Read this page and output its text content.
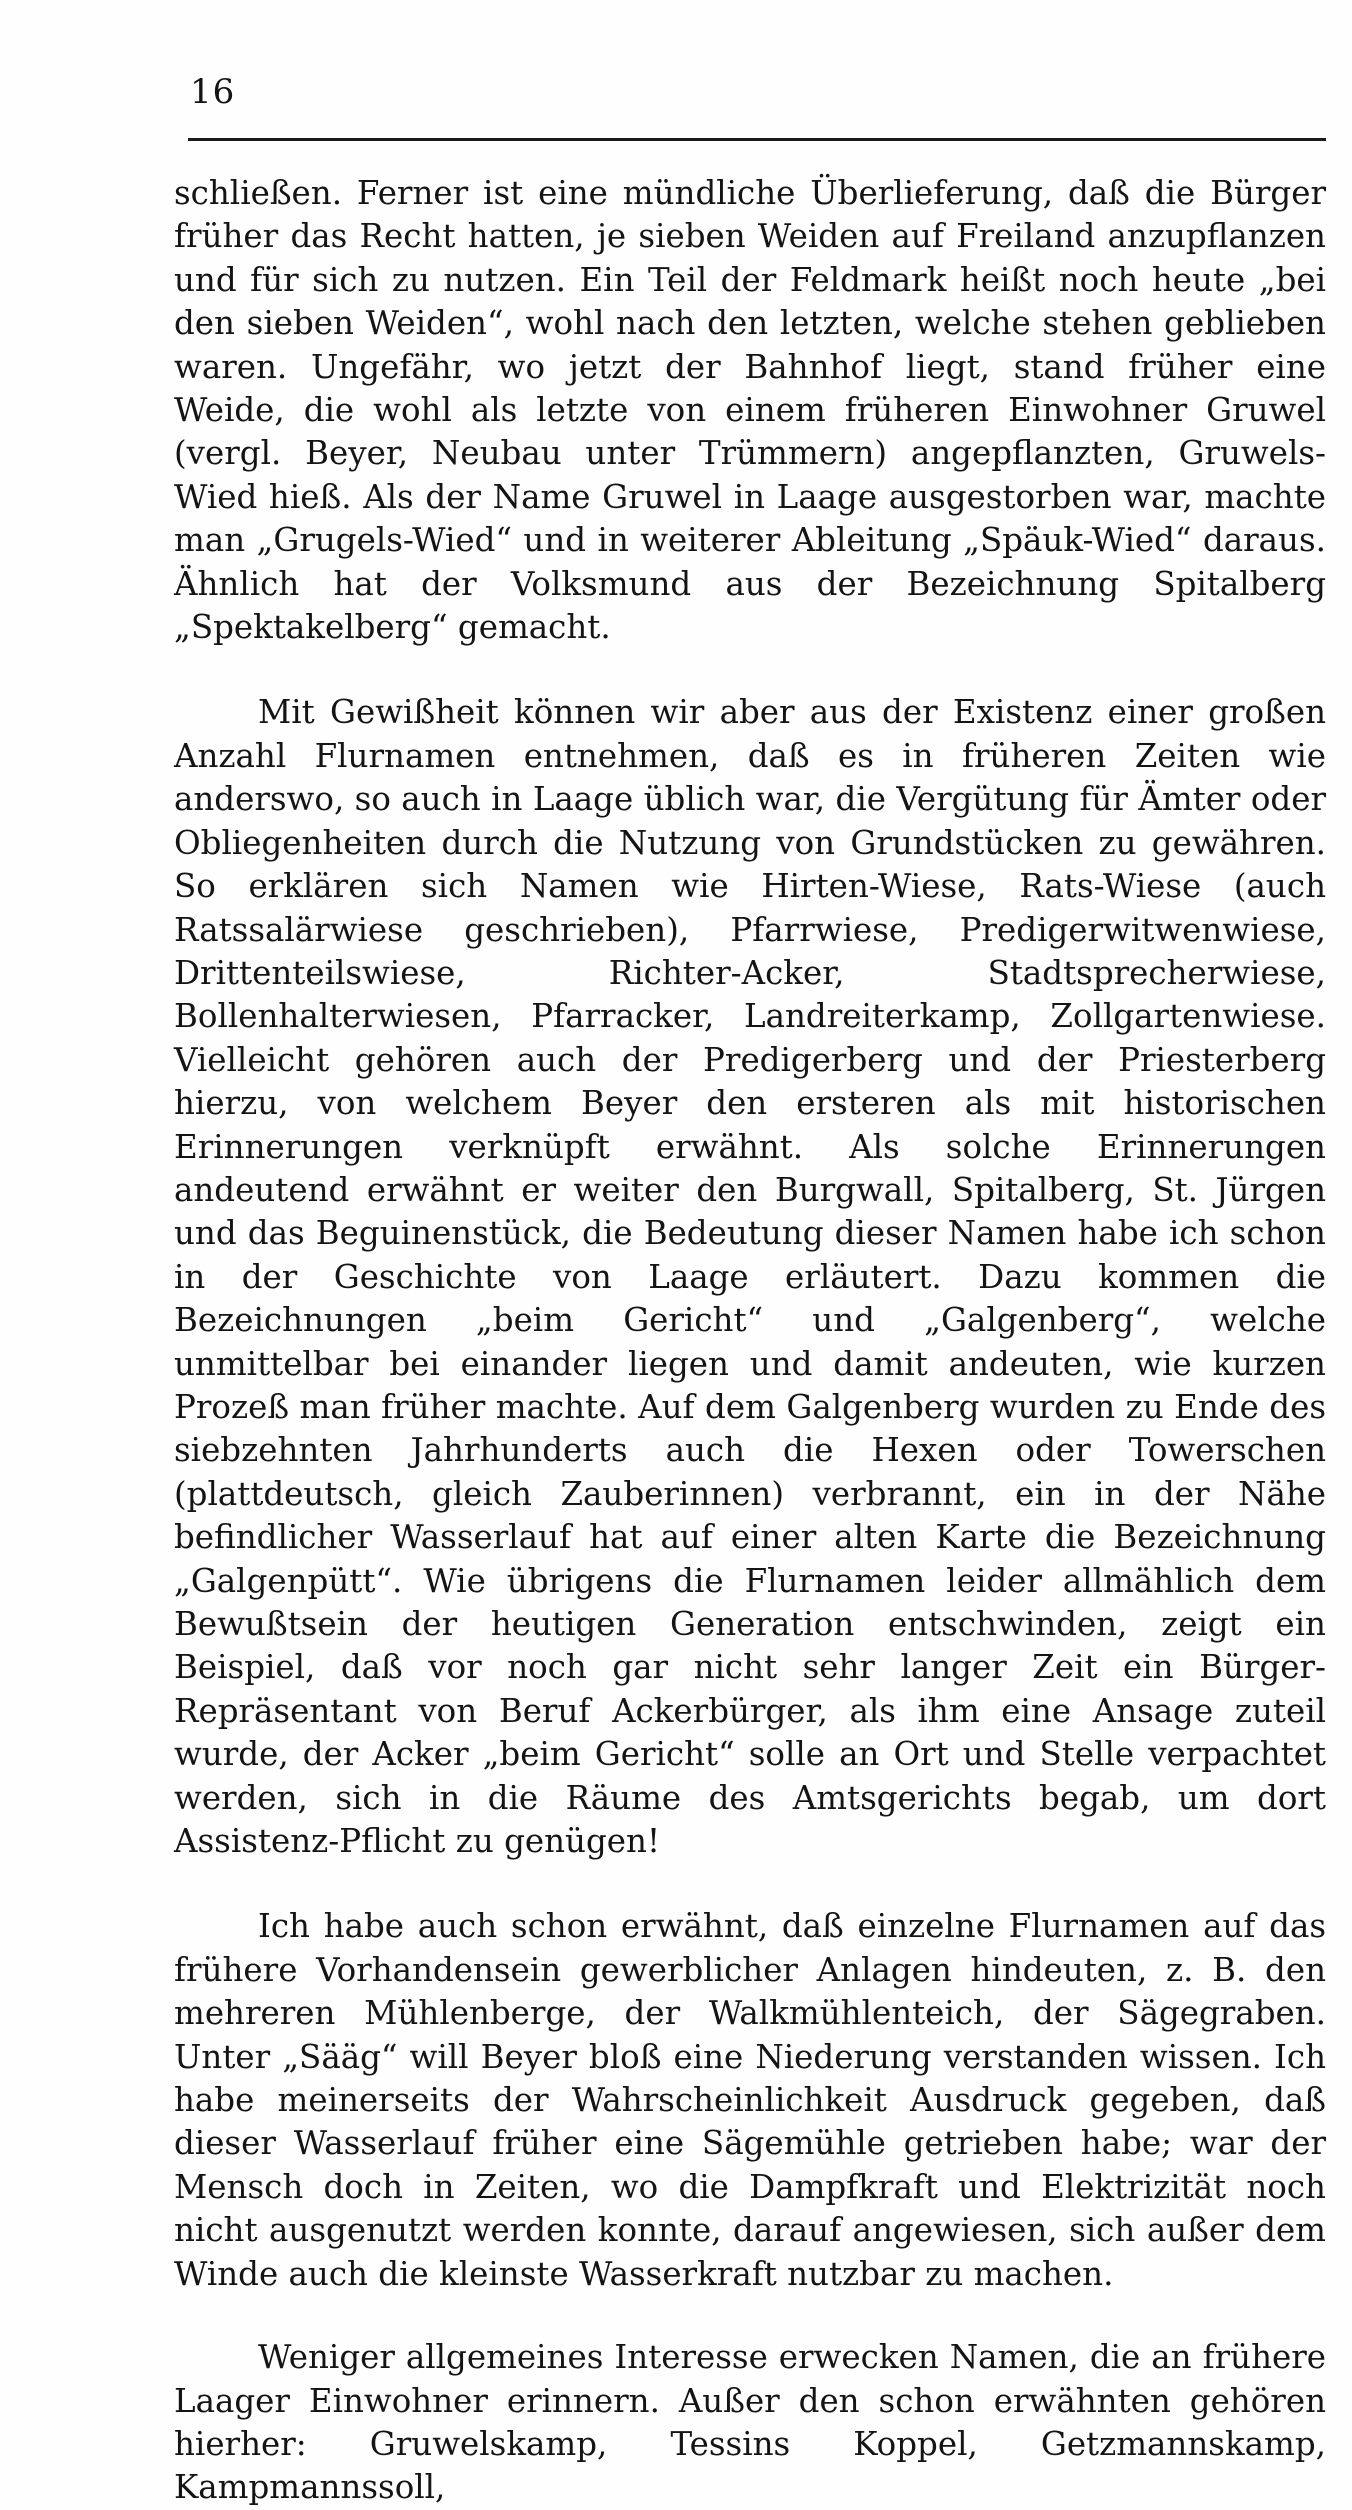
16

schließen. Ferner ist eine mündliche Überlieferung, daß die Bürger früher das Recht hatten, je sieben Weiden auf Freiland anzupflanzen und für sich zu nutzen. Ein Teil der Feldmark heißt noch heute „bei den sieben Weiden“, wohl nach den letzten, welche stehen geblieben waren. Ungefähr, wo jetzt der Bahnhof liegt, stand früher eine Weide, die wohl als letzte von einem früheren Einwohner Gruwel (vergl. Beyer, Neubau unter Trümmern) angepflanzten, Gruwels-Wied hieß. Als der Name Gruwel in Laage ausgestorben war, machte man „Grugels-Wied“ und in weiterer Ableitung „Späuk-Wied“ daraus. Ähnlich hat der Volksmund aus der Bezeichnung Spitalberg „Spektakelberg“ gemacht.

Mit Gewißheit können wir aber aus der Existenz einer großen Anzahl Flurnamen entnehmen, daß es in früheren Zeiten wie anderswo, so auch in Laage üblich war, die Vergütung für Ämter oder Obliegenheiten durch die Nutzung von Grundstücken zu gewähren. So erklären sich Namen wie Hirten-Wiese, Rats-Wiese (auch Ratssalärwiese geschrieben), Pfarrwiese, Predigerwitwenwiese, Drittenteilswiese, Richter-Acker, Stadtsprecherwiese, Bollenhalterwiesen, Pfarracker, Landreiterkamp, Zollgartenwiese. Vielleicht gehören auch der Predigerberg und der Priesterberg hierzu, von welchem Beyer den ersteren als mit historischen Erinnerungen verknüpft erwähnt. Als solche Erinnerungen andeutend erwähnt er weiter den Burgwall, Spitalberg, St. Jürgen und das Beguinenstück, die Bedeutung dieser Namen habe ich schon in der Geschichte von Laage erläutert. Dazu kommen die Bezeichnungen „beim Gericht“ und „Galgenberg“, welche unmittelbar bei einander liegen und damit andeuten, wie kurzen Prozeß man früher machte. Auf dem Galgenberg wurden zu Ende des siebzehnten Jahrhunderts auch die Hexen oder Towerschen (plattdeutsch, gleich Zauberinnen) verbrannt, ein in der Nähe befindlicher Wasserlauf hat auf einer alten Karte die Bezeichnung „Galgenpütt“. Wie übrigens die Flurnamen leider allmählich dem Bewußtsein der heutigen Generation entschwinden, zeigt ein Beispiel, daß vor noch gar nicht sehr langer Zeit ein Bürger-Repräsentant von Beruf Ackerbürger, als ihm eine Ansage zuteil wurde, der Acker „beim Gericht“ solle an Ort und Stelle verpachtet werden, sich in die Räume des Amtsgerichts begab, um dort Assistenz-Pflicht zu genügen!

Ich habe auch schon erwähnt, daß einzelne Flurnamen auf das frühere Vorhandensein gewerblicher Anlagen hindeuten, z. B. den mehreren Mühlenberge, der Walkmühlenteich, der Sägegraben. Unter „Sääg“ will Beyer bloß eine Niederung verstanden wissen. Ich habe meinerseits der Wahrscheinlichkeit Ausdruck gegeben, daß dieser Wasserlauf früher eine Sägemühle getrieben habe; war der Mensch doch in Zeiten, wo die Dampfkraft und Elektrizität noch nicht ausgenutzt werden konnte, darauf angewiesen, sich außer dem Winde auch die kleinste Wasserkraft nutzbar zu machen.

Weniger allgemeines Interesse erwecken Namen, die an frühere Laager Einwohner erinnern. Außer den schon erwähnten gehören hierher: Gruwelskamp, Tessins Koppel, Getzmannskamp, Kampmannssoll,
